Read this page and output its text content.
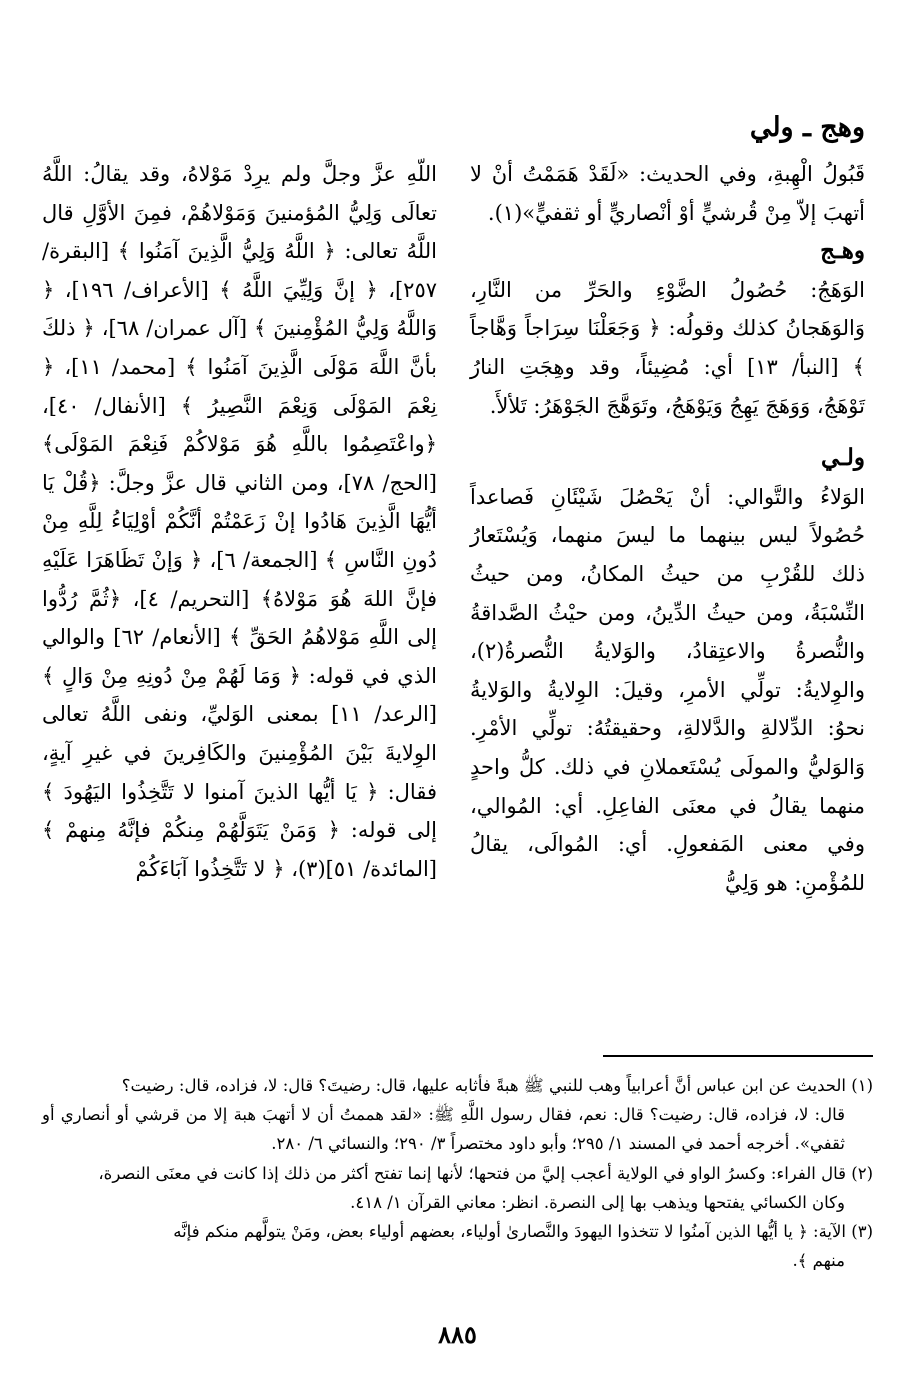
وهج ـ ولي

قَبُولُ الْهِبةِ، وفي الحديث: «لَقَدْ هَمَمْتُ أنْ لا أتهبَ إلاّ مِنْ قُرشيٍّ أوْ أنْصاريٍّ أو ثقفيٍّ»(١).

وهـج

الوَهَجُ: حُصُولُ الضَّوْءِ والحَرِّ من النَّارِ، وَالوَهَجانُ كذلك وقولُه: ﴿ وَجَعَلْنَا سِرَاجاً وَهَّاجاً ﴾ [النبأ/ ١٣] أي: مُضِيئاً، وقد وهِجَتِ النارُ تَوْهَجُ، وَوَهَجَ يَهِجُ وَيَوْهَجُ، وتَوَهَّجَ الجَوْهَرُ: تَلألأَ.

ولـي

الوَلاءُ والتَّوالي: أنْ يَحْصُلَ شَيْئَانِ فَصاعداً حُصُولاً ليس بينهما ما ليسَ منهما، وَيُسْتَعارُ ذلك للقُرْبِ من حيثُ المكانُ، ومن حيثُ النِّسْبَةُ، ومن حيثُ الدِّينُ، ومن حيْثُ الصَّداقةُ والنُّصرةُ والاعتِقادُ، والوَلايةُ النُّصرةُ(٢)، والوِلايةُ: تولِّي الأمرِ، وقيلَ: الوِلايةُ والوَلايةُ نحوُ: الدِّلالةِ والدَّلالةِ، وحقيقتُهُ: تولِّي الأمْرِ. وَالوَليُّ والمولَى يُسْتَعملانِ في ذلك. كلُّ واحدٍ منهما يقالُ في معنَى الفاعِلِ. أي: المُوالي، وفي معنى المَفعولِ. أي: المُوالَى، يقالُ للمُؤْمنِ: هو وَلِيُّ

اللّهِ عزَّ وجلَّ ولم يرِدْ مَوْلاهُ، وقد يقالُ: اللَّهُ تعالَى وَلِيُّ المُؤمنينَ وَمَوْلاهُمْ، فمِنَ الأوَّلِ قال اللَّهُ تعالى: ﴿ اللَّهُ وَلِيُّ الَّذِينَ آمَنُوا ﴾ [البقرة/ ٢٥٧]، ﴿ إنَّ وَلِيِّيَ اللَّهُ ﴾ [الأعراف/ ١٩٦]، ﴿ وَاللَّهُ وَلِيُّ المُؤْمِنينَ ﴾ [آل عمران/ ٦٨]، ﴿ ذلكَ بأنَّ اللَّهَ مَوْلَى الَّذِينَ آمَنُوا ﴾ [محمد/ ١١]، ﴿ نِعْمَ المَوْلَى وَنِعْمَ النَّصِيرُ ﴾ [الأنفال/ ٤٠]، ﴿واعْتَصِمُوا باللَّهِ هُوَ مَوْلاكُمْ فَنِعْمَ المَوْلَى﴾ [الحج/ ٧٨]، ومن الثاني قال عزَّ وجلَّ: ﴿قُلْ يَا أيُّهَا الَّذِينَ هَادُوا إنْ زَعَمْتُمْ أنَّكُمْ أوْلِيَاءُ لِلَّهِ مِنْ دُونِ النَّاسِ ﴾ [الجمعة/ ٦]، ﴿ وَإنْ تَظَاهَرَا عَلَيْهِ فإنَّ اللهَ هُوَ مَوْلاهُ﴾ [التحريم/ ٤]، ﴿ثُمَّ رُدُّوا إلى اللَّهِ مَوْلاهُمُ الحَقِّ ﴾ [الأنعام/ ٦٢] والوالي الذي في قوله: ﴿ وَمَا لَهُمْ مِنْ دُونِهِ مِنْ وَالٍ ﴾ [الرعد/ ١١] بمعنى الوَليِّ، ونفى اللَّهُ تعالى الوِلايةَ بَيْنَ المُؤْمِنينَ والكَافِرينَ في غيرِ آيةٍ، فقال: ﴿ يَا أيُّها الذينَ آمنوا لا تَتَّخِذُوا اليَهُودَ ﴾ إلى قوله: ﴿ وَمَنْ يَتَوَلَّهُمْ مِنكُمْ فإنَّهُ مِنهمْ ﴾ [المائدة/ ٥١](٣)، ﴿ لا تَتَّخِذُوا آبَاءَكُمْ

(١) الحديث عن ابن عباس أنَّ أعرابياً وهب للنبي ﷺ هبةً فأثابه عليها، قال: رضيتَ؟ قال: لا، فزاده، قال: رضيت؟

قال: لا، فزاده، قال: رضيت؟ قال: نعم، فقال رسول اللَّهِ ﷺ: «لقد هممتُ أن لا أتهبَ هبة إلا من قرشي أو أنصاري أو ثقفي». أخرجه أحمد في المسند ١/ ٢٩٥؛ وأبو داود مختصراً ٣/ ٢٩٠؛ والنسائي ٦/ ٢٨٠.

(٢) قال الفراء: وكسرُ الواو في الولاية أعجب إليَّ من فتحها؛ لأنها إنما تفتح أكثر من ذلك إذا كانت في معنَى النصرة،

وكان الكسائي يفتحها ويذهب بها إلى النصرة. انظر: معاني القرآن ١/ ٤١٨.

(٣) الآية: ﴿ يا أيُّها الذين آمنُوا لا تتخذوا اليهودَ والنَّصارىٰ أولياء، بعضهم أولياء بعض، ومَنْ يتولَّهم منكم فإنَّه

منهم ﴾.

٨٨٥
